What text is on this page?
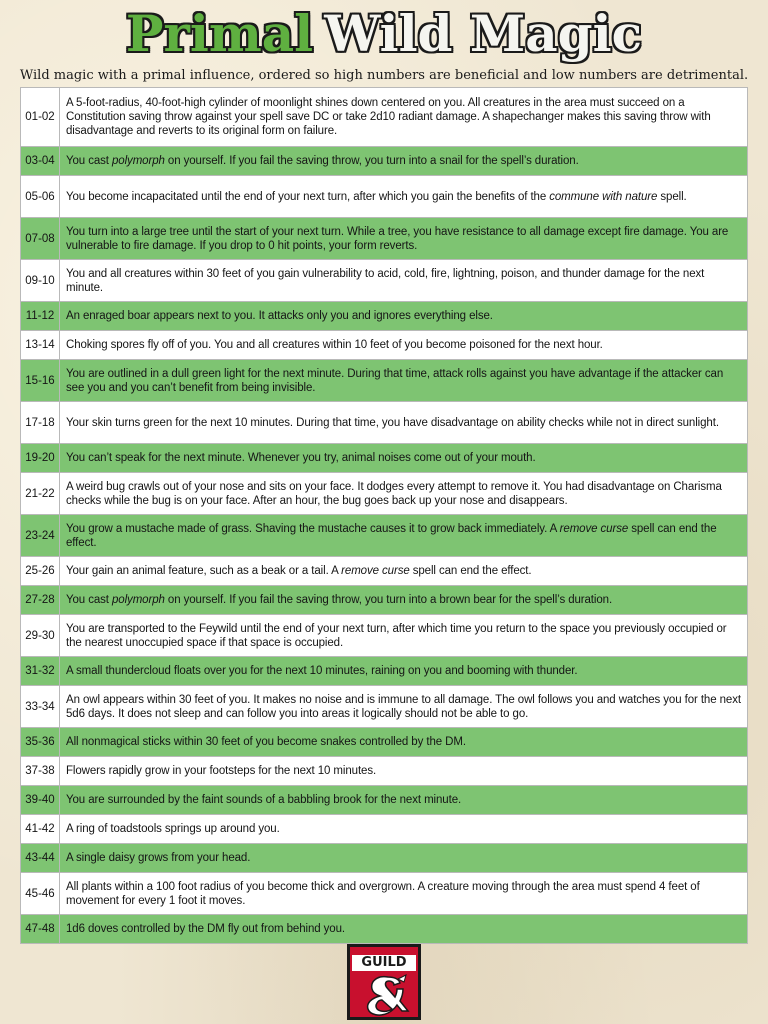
Primal Wild Magic

Wild magic with a primal influence, ordered so high numbers are beneficial and low numbers are detrimental.

01-02	A 5-foot-radius, 40-foot-high cylinder of moonlight shines down centered on you. All creatures in the area must succeed on a Constitution saving throw against your spell save DC or take 2d10 radiant damage. A shapechanger makes this saving throw with disadvantage and reverts to its original form on failure.
03-04	You cast polymorph on yourself. If you fail the saving throw, you turn into a snail for the spell’s duration.
05-06	You become incapacitated until the end of your next turn, after which you gain the benefits of the commune with nature spell.
07-08	You turn into a large tree until the start of your next turn. While a tree, you have resistance to all damage except fire damage. You are vulnerable to fire damage. If you drop to 0 hit points, your form reverts.
09-10	You and all creatures within 30 feet of you gain vulnerability to acid, cold, fire, lightning, poison, and thunder damage for the next minute.
11-12	An enraged boar appears next to you. It attacks only you and ignores everything else.
13-14	Choking spores fly off of you. You and all creatures within 10 feet of you become poisoned for the next hour.
15-16	You are outlined in a dull green light for the next minute. During that time, attack rolls against you have advantage if the attacker can see you and you can’t benefit from being invisible.
17-18	Your skin turns green for the next 10 minutes. During that time, you have disadvantage on ability checks while not in direct sunlight.
19-20	You can’t speak for the next minute. Whenever you try, animal noises come out of your mouth.
21-22	A weird bug crawls out of your nose and sits on your face. It dodges every attempt to remove it. You had disadvantage on Charisma checks while the bug is on your face. After an hour, the bug goes back up your nose and disappears.
23-24	You grow a mustache made of grass. Shaving the mustache causes it to grow back immediately. A remove curse spell can end the effect.
25-26	Your gain an animal feature, such as a beak or a tail. A remove curse spell can end the effect.
27-28	You cast polymorph on yourself. If you fail the saving throw, you turn into a brown bear for the spell’s duration.
29-30	You are transported to the Feywild until the end of your next turn, after which time you return to the space you previously occupied or the nearest unoccupied space if that space is occupied.
31-32	A small thundercloud floats over you for the next 10 minutes, raining on you and booming with thunder.
33-34	An owl appears within 30 feet of you. It makes no noise and is immune to all damage. The owl follows you and watches you for the next 5d6 days. It does not sleep and can follow you into areas it logically should not be able to go.
35-36	All nonmagical sticks within 30 feet of you become snakes controlled by the DM.
37-38	Flowers rapidly grow in your footsteps for the next 10 minutes.
39-40	You are surrounded by the faint sounds of a babbling brook for the next minute.
41-42	A ring of toadstools springs up around you.
43-44	A single daisy grows from your head.
45-46	All plants within a 100 foot radius of you become thick and overgrown. A creature moving through the area must spend 4 feet of movement for every 1 foot it moves.
47-48	1d6 doves controlled by the DM fly out from behind you.
GUILD
